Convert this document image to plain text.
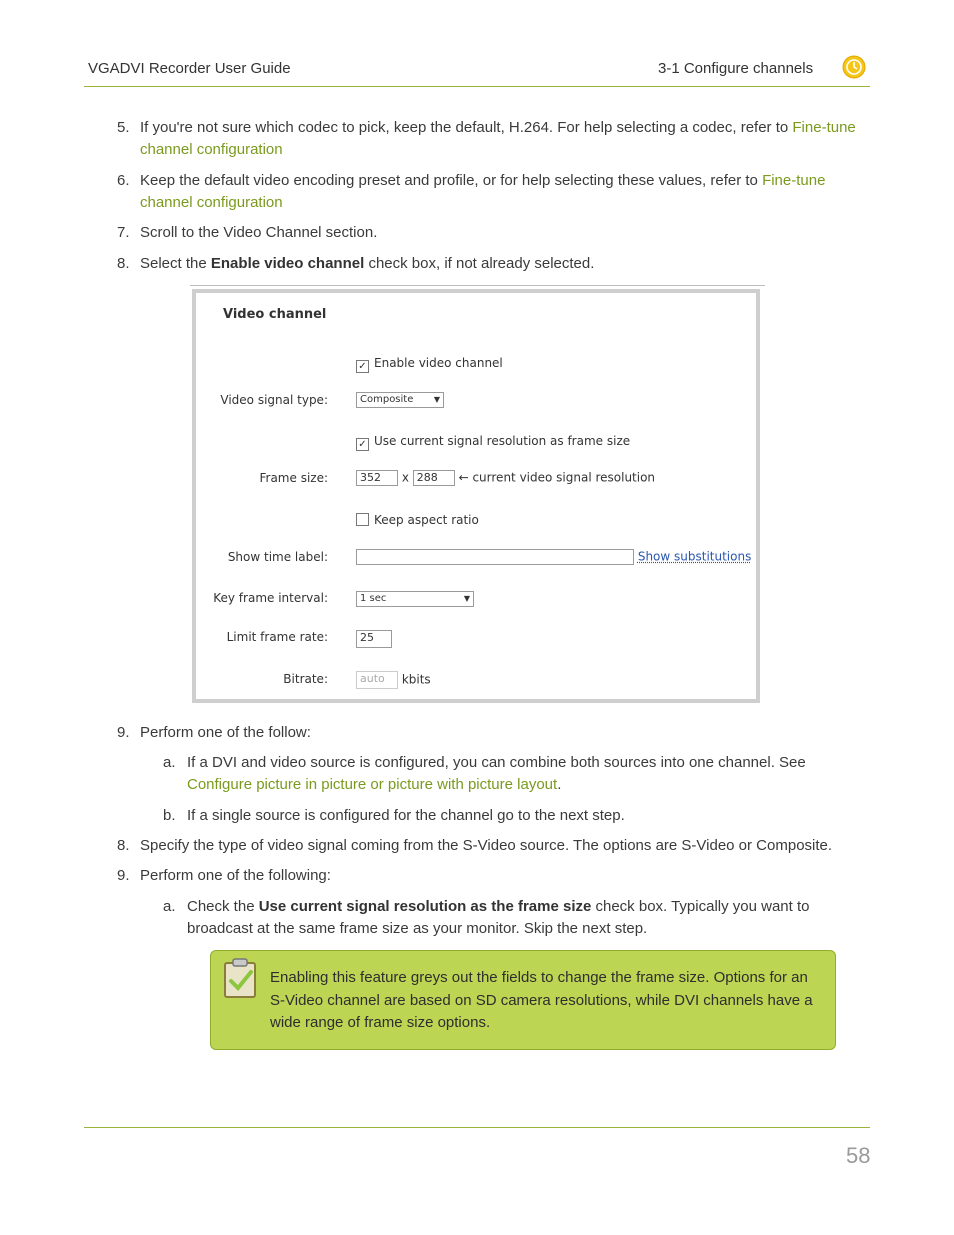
VGADVI Recorder User Guide	3-1 Configure channels
5. If you're not sure which codec to pick, keep the default, H.264. For help selecting a codec, refer to Fine-tune channel configuration
6. Keep the default video encoding preset and profile, or for help selecting these values, refer to Fine-tune channel configuration
7. Scroll to the Video Channel section.
8. Select the Enable video channel check box, if not already selected.
Video channel
✓ Enable video channel
Video signal type:	Composite	▼
✓ Use current signal resolution as frame size
Frame size:	352 x 288 ← current video signal resolution
Keep aspect ratio
Show time label:	Show substitutions
Key frame interval:	1 sec	▼
Limit frame rate:	25
Bitrate:	auto kbits
9. Perform one of the follow:
a. If a DVI and video source is configured, you can combine both sources into one channel. See Configure picture in picture or picture with picture layout.
b. If a single source is configured for the channel go to the next step.
8. Specify the type of video signal coming from the S-Video source. The options are S-Video or Composite.
9. Perform one of the following:
a. Check the Use current signal resolution as the frame size check box. Typically you want to broadcast at the same frame size as your monitor. Skip the next step.
Enabling this feature greys out the fields to change the frame size. Options for an S-Video channel are based on SD camera resolutions, while DVI channels have a wide range of frame size options.
58
